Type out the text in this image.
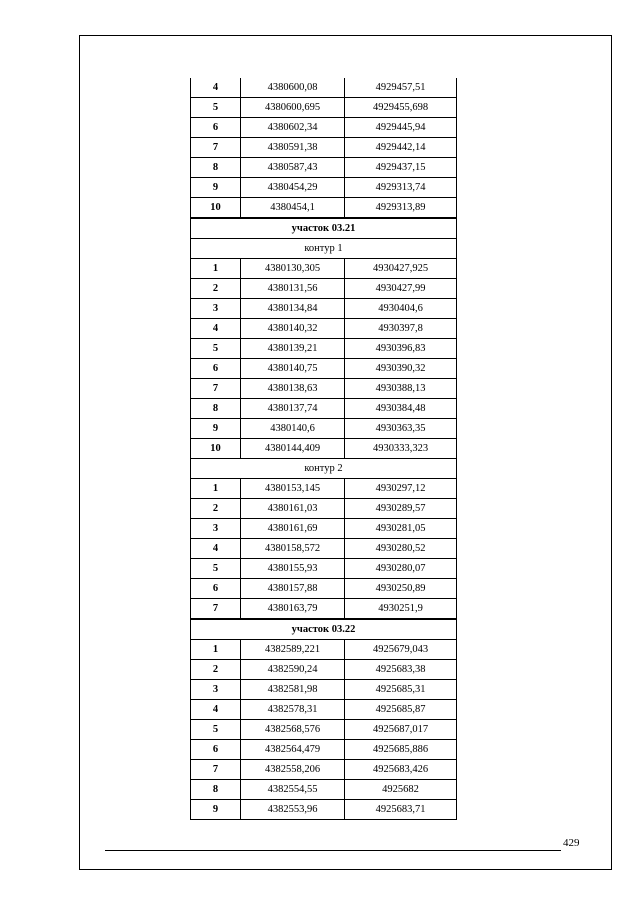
4	4380600,08	4929457,51
5	4380600,695	4929455,698
6	4380602,34	4929445,94
7	4380591,38	4929442,14
8	4380587,43	4929437,15
9	4380454,29	4929313,74
10	4380454,1	4929313,89
участок 03.21		
контур 1		
1	4380130,305	4930427,925
2	4380131,56	4930427,99
3	4380134,84	4930404,6
4	4380140,32	4930397,8
5	4380139,21	4930396,83
6	4380140,75	4930390,32
7	4380138,63	4930388,13
8	4380137,74	4930384,48
9	4380140,6	4930363,35
10	4380144,409	4930333,323
контур 2		
1	4380153,145	4930297,12
2	4380161,03	4930289,57
3	4380161,69	4930281,05
4	4380158,572	4930280,52
5	4380155,93	4930280,07
6	4380157,88	4930250,89
7	4380163,79	4930251,9
участок 03.22		
1	4382589,221	4925679,043
2	4382590,24	4925683,38
3	4382581,98	4925685,31
4	4382578,31	4925685,87
5	4382568,576	4925687,017
6	4382564,479	4925685,886
7	4382558,206	4925683,426
8	4382554,55	4925682
9	4382553,96	4925683,71
429
